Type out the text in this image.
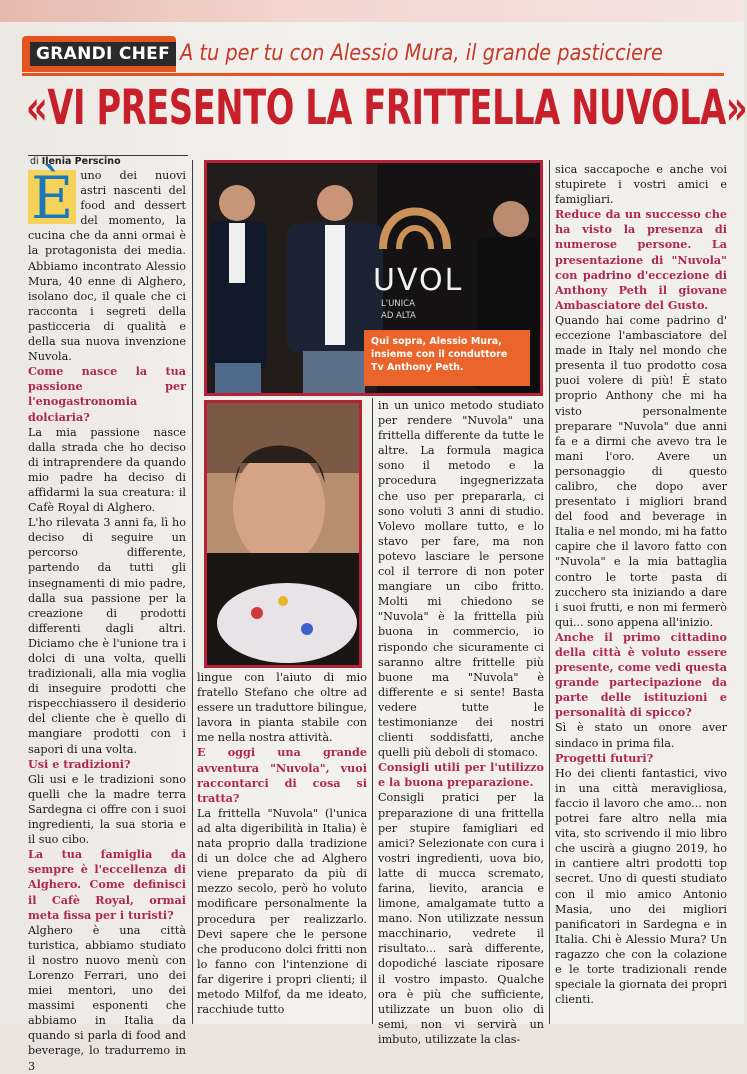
GRANDI CHEF A tu per tu con Alessio Mura, il grande pasticciere
«VI PRESENTO LA FRITTELLA NUVOLA»
di Ilenia Perscino
UVOL
L'UNICA
AD ALTA
Qui sopra, Alessio Mura, insieme con il conduttore Tv Anthony Peth.

È uno dei nuovi astri nascenti del food and dessert del momento, la cucina che da anni ormai è la protagonista dei media. Abbiamo incontrato Alessio Mura, 40 enne di Alghero, isolano doc, il quale che ci racconta i segreti della pasticceria di qualità e della sua nuova invenzione Nuvola.

Come nasce la tua passione per l'enogastronomia dolciaria?

La mia passione nasce dalla strada che ho deciso di intraprendere da quando mio padre ha deciso di affidarmi la sua creatura: il Cafè Royal di Alghero.

L'ho rilevata 3 anni fa, lì ho deciso di seguire un percorso differente, partendo da tutti gli insegnamenti di mio padre, dalla sua passione per la creazione di prodotti differenti dagli altri. Diciamo che è l'unione tra i dolci di una volta, quelli tradizionali, alla mia voglia di inseguire prodotti che rispecchiassero il desiderio del cliente che è quello di mangiare prodotti con i sapori di una volta.

Usi e tradizioni?

Gli usi e le tradizioni sono quelli che la madre terra Sardegna ci offre con i suoi ingredienti, la sua storia e il suo cibo.

La tua famiglia da sempre è l'eccellenza di Alghero. Come definisci il Cafè Royal, ormai meta fissa per i turisti?

Alghero è una città turistica, abbiamo studiato il nostro nuovo menù con Lorenzo Ferrari, uno dei miei mentori, uno dei massimi esponenti che abbiamo in Italia da quando si parla di food and beverage, lo tradurremo in 3

lingue con l'aiuto di mio fratello Stefano che oltre ad essere un traduttore bilingue, lavora in pianta stabile con me nella nostra attività.

E oggi una grande avventura "Nuvola", vuoi raccontarci di cosa si tratta?

La frittella "Nuvola" (l'unica ad alta digeribilità in Italia) è nata proprio dalla tradizione di un dolce che ad Alghero viene preparato da più di mezzo secolo, però ho voluto modificare personalmente la procedura per realizzarlo. Devi sapere che le persone che producono dolci fritti non lo fanno con l'intenzione di far digerire i propri clienti; il metodo Milfof, da me ideato, racchiude tutto

in un unico metodo studiato per rendere "Nuvola" una frittella differente da tutte le altre. La formula magica sono il metodo e la procedura ingegnerizzata che uso per prepararla, ci sono voluti 3 anni di studio. Volevo mollare tutto, e lo stavo per fare, ma non potevo lasciare le persone col il terrore di non poter mangiare un cibo fritto. Molti mi chiedono se "Nuvola" è la frittella più buona in commercio, io rispondo che sicuramente ci saranno altre frittelle più buone ma "Nuvola" è differente e si sente! Basta vedere tutte le testimonianze dei nostri clienti soddisfatti, anche quelli più deboli di stomaco.

Consigli utili per l'utilizzo e la buona preparazione.

Consigli pratici per la preparazione di una frittella per stupire famigliari ed amici? Selezionate con cura i vostri ingredienti, uova bio, latte di mucca scremato, farina, lievito, arancia e limone, amalgamate tutto a mano. Non utilizzate nessun macchinario, vedrete il risultato... sarà differente, dopodiché lasciate riposare il vostro impasto. Qualche ora è più che sufficiente, utilizzate un buon olio di semi, non vi servirà un imbuto, utilizzate la clas-

sica saccapoche e anche voi stupirete i vostri amici e famigliari.

Reduce da un successo che ha visto la presenza di numerose persone. La presentazione di "Nuvola" con padrino d'eccezione di Anthony Peth il giovane Ambasciatore del Gusto.

Quando hai come padrino d' eccezione l'ambasciatore del made in Italy nel mondo che presenta il tuo prodotto cosa puoi volere di più! È stato proprio Anthony che mi ha visto personalmente preparare "Nuvola" due anni fa e a dirmi che avevo tra le mani l'oro. Avere un personaggio di questo calibro, che dopo aver presentato i migliori brand del food and beverage in Italia e nel mondo, mi ha fatto capire che il lavoro fatto con "Nuvola" e la mia battaglia contro le torte pasta di zucchero sta iniziando a dare i suoi frutti, e non mi fermerò qui... sono appena all'inizio.

Anche il primo cittadino della città è voluto essere presente, come vedi questa grande partecipazione da parte delle istituzioni e personalità di spicco?

Sì è stato un onore aver sindaco in prima fila.

Progetti futuri?

Ho dei clienti fantastici, vivo in una città meravigliosa, faccio il lavoro che amo... non potrei fare altro nella mia vita, sto scrivendo il mio libro che uscirà a giugno 2019, ho in cantiere altri prodotti top secret. Uno di questi studiato con il mio amico Antonio Masia, uno dei migliori panificatori in Sardegna e in Italia. Chi è Alessio Mura? Un ragazzo che con la colazione e le torte tradizionali rende speciale la giornata dei propri clienti.
